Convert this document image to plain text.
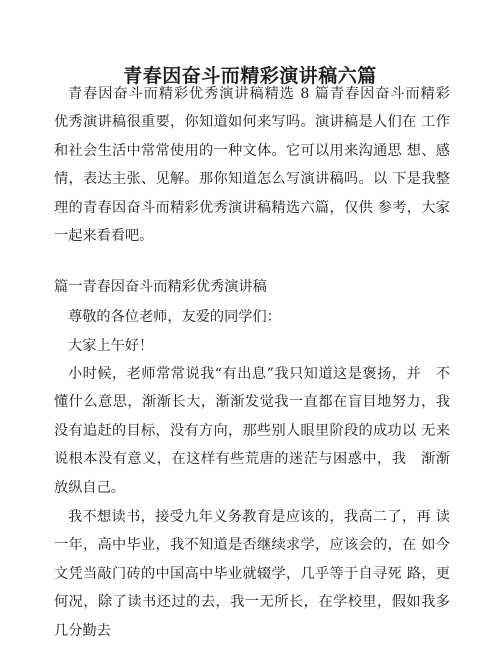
青春因奋斗而精彩演讲稿六篇

青春因奋斗而精彩优秀演讲稿精选 8 篇青春因奋斗而精彩　优秀演讲稿很重要，你知道如何来写吗。演讲稿是人们在 工作和社会生活中常常使用的一种文体。它可以用来沟通思 想、感情，表达主张、见解。那你知道怎么写演讲稿吗。以 下是我整理的青春因奋斗而精彩优秀演讲稿精选六篇，仅供 参考，大家一起来看看吧。

篇一青春因奋斗而精彩优秀演讲稿

尊敬的各位老师，友爱的同学们：

大家上午好！

小时候，老师常常说我“有出息”我只知道这是褒扬，并　不懂什么意思，渐渐长大，渐渐发觉我一直都在盲目地努力，我没有追赶的目标，没有方向，那些别人眼里阶段的成功以 无来说根本没有意义，在这样有些荒唐的迷茫与困惑中，我　渐渐放纵自己。

我不想读书，接受九年义务教育是应该的，我高二了，再 读一年，高中毕业，我不知道是否继续求学，应该会的，在 如今文凭当敲门砖的中国高中毕业就辍学，几乎等于自寻死 路，更何况，除了读书还过的去，我一无所长，在学校里，假如我多几分勤去
